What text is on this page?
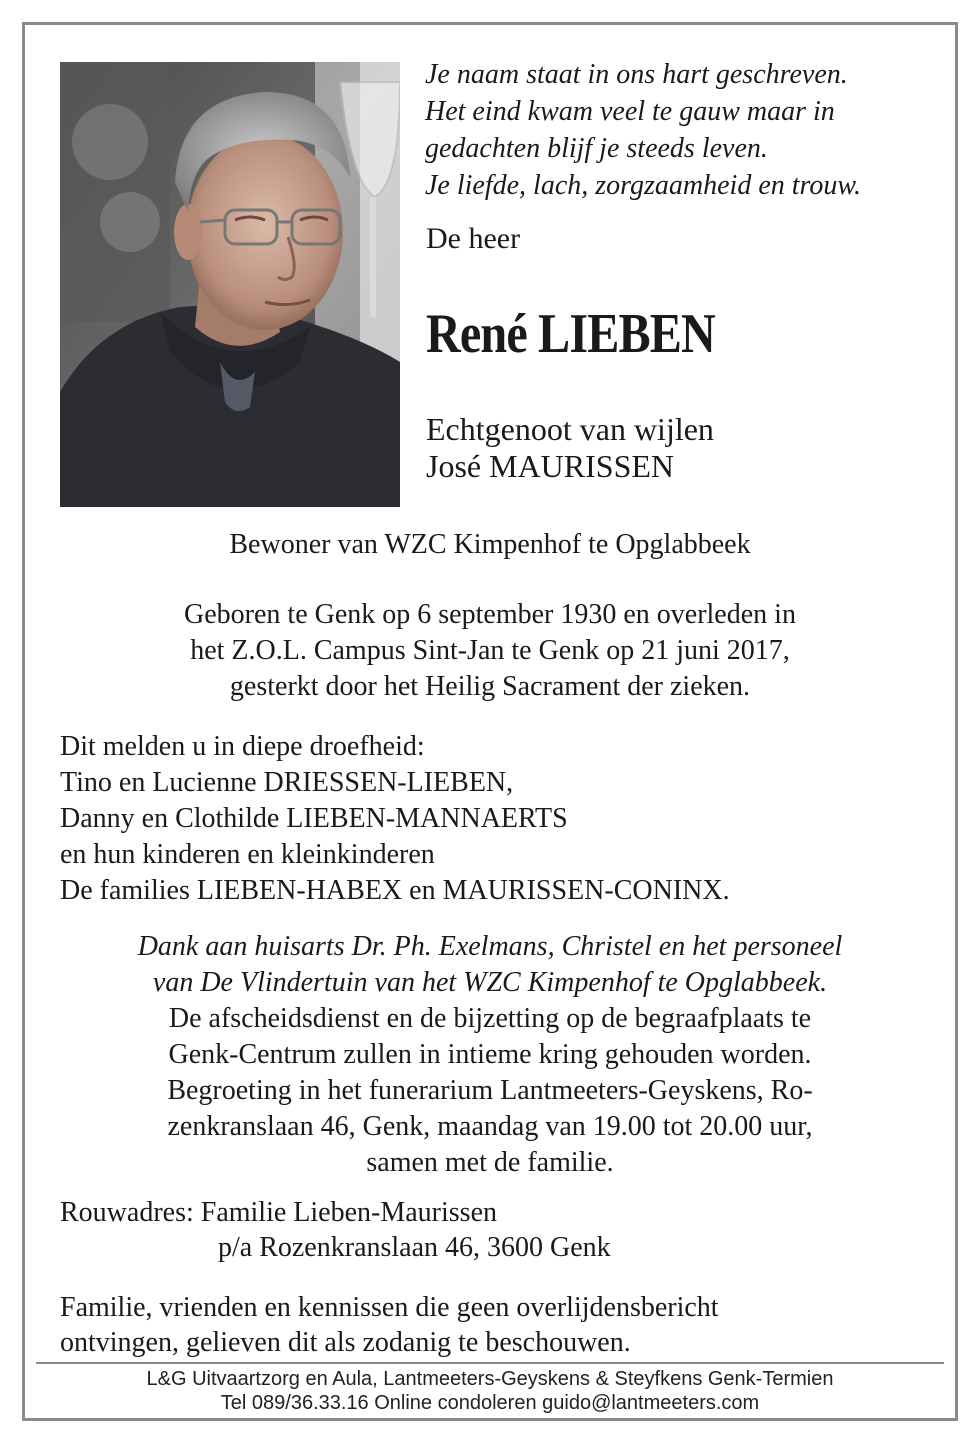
Je naam staat in ons hart geschreven.
Het eind kwam veel te gauw maar in
gedachten blijf je steeds leven.
Je liefde, lach, zorgzaamheid en trouw.
De heer
René LIEBEN
Echtgenoot van wijlen
José MAURISSEN
Bewoner van WZC Kimpenhof te Opglabbeek
Geboren te Genk op 6 september 1930 en overleden in
het Z.O.L. Campus Sint-Jan te Genk op 21 juni 2017,
gesterkt door het Heilig Sacrament der zieken.
Dit melden u in diepe droefheid:
Tino en Lucienne DRIESSEN-LIEBEN,
Danny en Clothilde LIEBEN-MANNAERTS
en hun kinderen en kleinkinderen
De families LIEBEN-HABEX en MAURISSEN-CONINX.
Dank aan huisarts Dr. Ph. Exelmans, Christel en het personeel
van De Vlindertuin van het WZC Kimpenhof te Opglabbeek.
De afscheidsdienst en de bijzetting op de begraafplaats te
Genk-Centrum zullen in intieme kring gehouden worden.
Begroeting in het funerarium Lantmeeters-Geyskens, Ro-
zenkranslaan 46, Genk, maandag van 19.00 tot 20.00 uur,
samen met de familie.
Rouwadres: Familie Lieben-Maurissen
p/a Rozenkranslaan 46, 3600 Genk
Familie, vrienden en kennissen die geen overlijdensbericht
ontvingen, gelieven dit als zodanig te beschouwen.
L&G Uitvaartzorg en Aula, Lantmeeters-Geyskens & Steyfkens Genk-Termien
Tel 089/36.33.16 Online condoleren guido@lantmeeters.com
